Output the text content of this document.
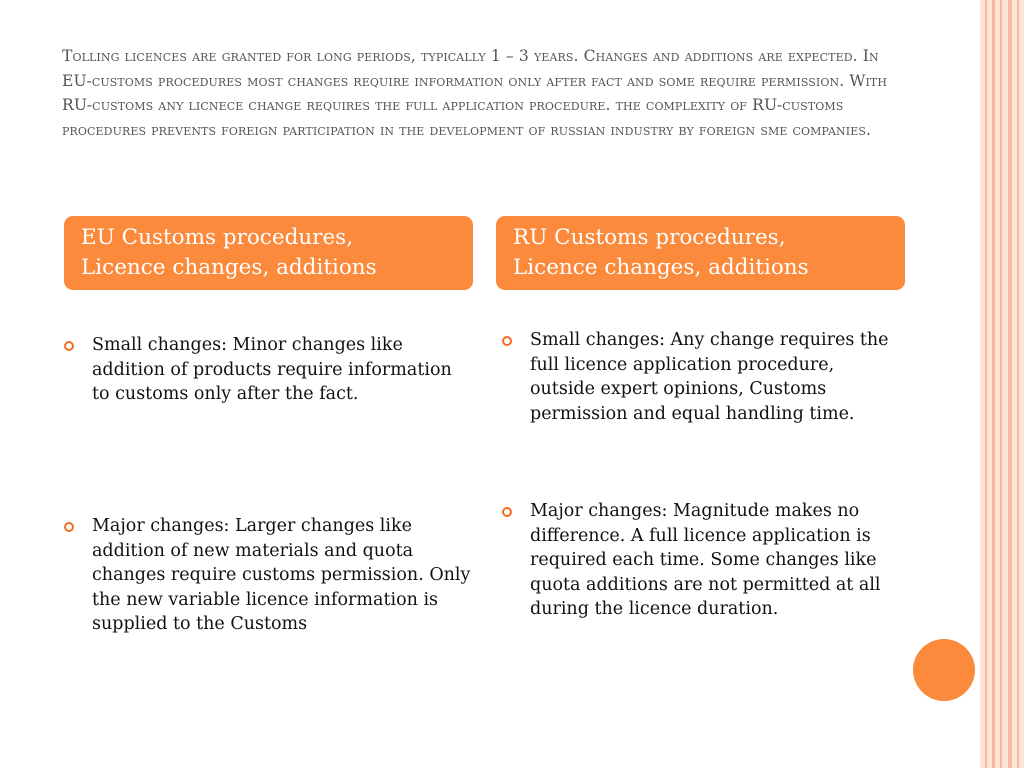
Tolling licences are granted for long periods, typically 1 – 3 years. Changes and additions are expected. In EU-customs procedures most changes require information only after fact and some require permission. With RU-customs any licnece change requires the full application procedure. the complexity of RU-customs procedures prevents foreign participation in the development of russian industry by foreign sme companies.
EU Customs procedures,
Licence changes, additions
RU Customs procedures,
Licence changes, additions
Small changes: Minor changes like addition of products require information to customs only after the fact.
Major changes: Larger changes like addition of new materials and quota changes require customs permission. Only the new variable licence information is supplied to the Customs
Small changes: Any change requires the full licence application procedure, outside expert opinions, Customs permission and equal handling time.
Major changes: Magnitude makes no difference. A full licence application is required each time. Some changes like quota additions are not permitted at all during the licence duration.
